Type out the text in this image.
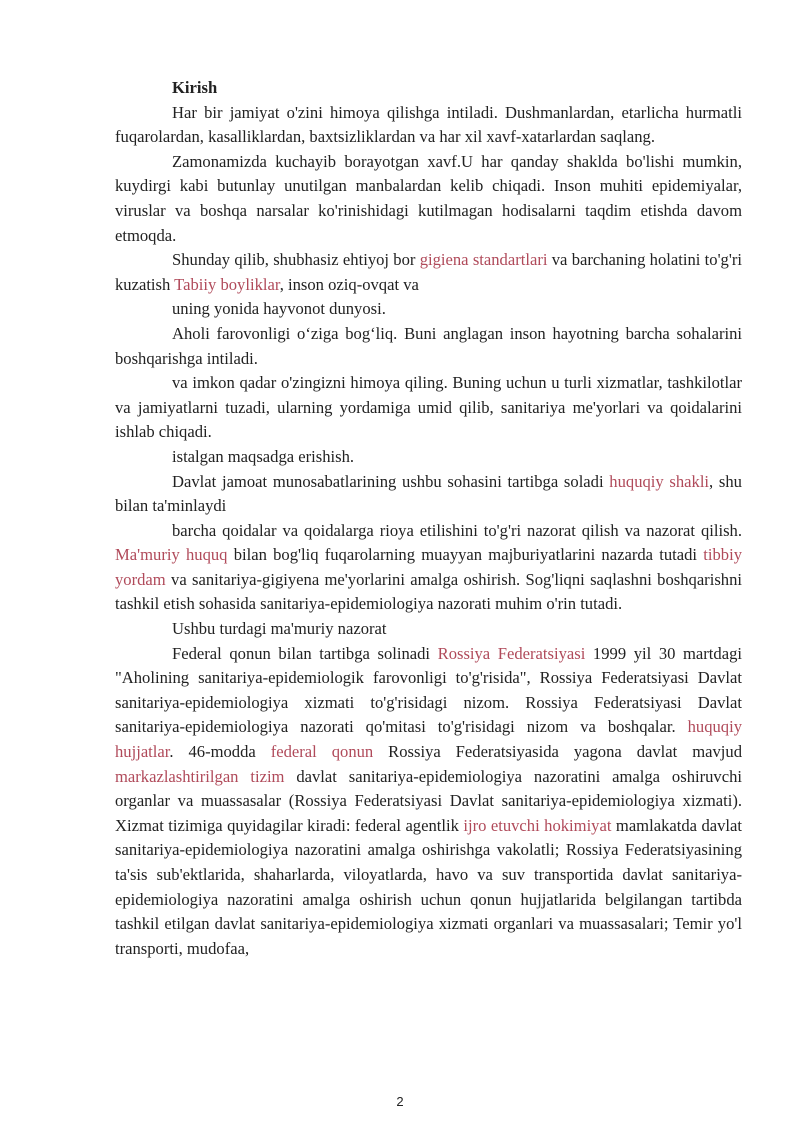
Kirish

Har bir jamiyat o'zini himoya qilishga intiladi. Dushmanlardan, etarlicha hurmatli fuqarolardan, kasalliklardan, baxtsizliklardan va har xil xavf-xatarlardan saqlang.

Zamonamizda kuchayib borayotgan xavf.U har qanday shaklda bo'lishi mumkin, kuydirgi kabi butunlay unutilgan manbalardan kelib chiqadi. Inson muhiti epidemiyalar, viruslar va boshqa narsalar ko'rinishidagi kutilmagan hodisalarni taqdim etishda davom etmoqda.

Shunday qilib, shubhasiz ehtiyoj bor gigiena standartlari va barchaning holatini to'g'ri kuzatish Tabiiy boyliklar, inson oziq-ovqat va

uning yonida hayvonot dunyosi.

Aholi farovonligi o‘ziga bog‘liq. Buni anglagan inson hayotning barcha sohalarini boshqarishga intiladi.

va imkon qadar o'zingizni himoya qiling. Buning uchun u turli xizmatlar, tashkilotlar va jamiyatlarni tuzadi, ularning yordamiga umid qilib, sanitariya me'yorlari va qoidalarini ishlab chiqadi.

istalgan maqsadga erishish.

Davlat jamoat munosabatlarining ushbu sohasini tartibga soladi huquqiy shakli, shu bilan ta'minlaydi

barcha qoidalar va qoidalarga rioya etilishini to'g'ri nazorat qilish va nazorat qilish. Ma'muriy huquq bilan bog'liq fuqarolarning muayyan majburiyatlarini nazarda tutadi tibbiy yordam va sanitariya-gigiyena me'yorlarini amalga oshirish. Sog'liqni saqlashni boshqarishni tashkil etish sohasida sanitariya-epidemiologiya nazorati muhim o'rin tutadi.

Ushbu turdagi ma'muriy nazorat

Federal qonun bilan tartibga solinadi Rossiya Federatsiyasi 1999 yil 30 martdagi "Aholining sanitariya-epidemiologik farovonligi to'g'risida", Rossiya Federatsiyasi Davlat sanitariya-epidemiologiya xizmati to'g'risidagi nizom. Rossiya Federatsiyasi Davlat sanitariya-epidemiologiya nazorati qo'mitasi to'g'risidagi nizom va boshqalar. huquqiy hujjatlar. 46-modda federal qonun Rossiya Federatsiyasida yagona davlat mavjud markazlashtirilgan tizim davlat sanitariya-epidemiologiya nazoratini amalga oshiruvchi organlar va muassasalar (Rossiya Federatsiyasi Davlat sanitariya-epidemiologiya xizmati). Xizmat tizimiga quyidagilar kiradi: federal agentlik ijro etuvchi hokimiyat mamlakatda davlat sanitariya-epidemiologiya nazoratini amalga oshirishga vakolatli; Rossiya Federatsiyasining ta'sis sub'ektlarida, shaharlarda, viloyatlarda, havo va suv transportida davlat sanitariya-epidemiologiya nazoratini amalga oshirish uchun qonun hujjatlarida belgilangan tartibda tashkil etilgan davlat sanitariya-epidemiologiya xizmati organlari va muassasalari; Temir yo'l transporti, mudofaa,

2
